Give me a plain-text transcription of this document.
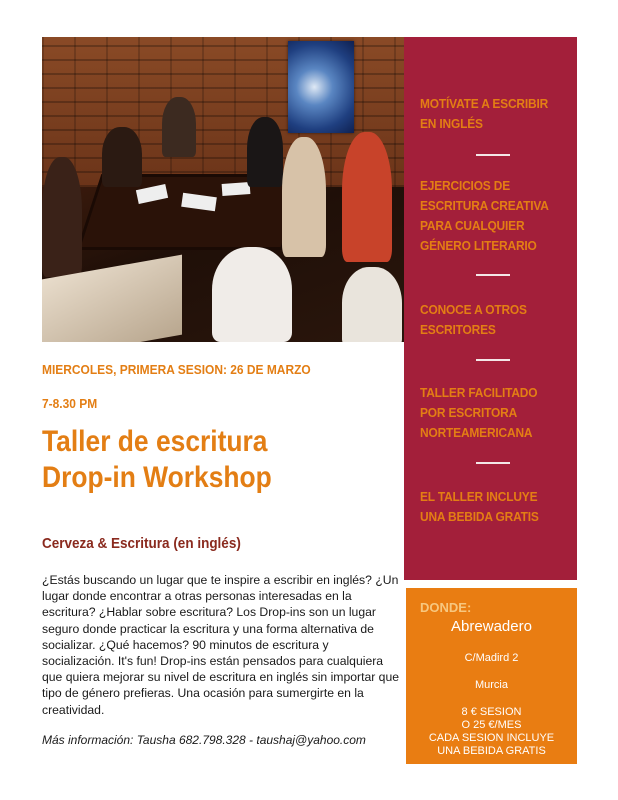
MOTÍVATE A ESCRIBIR EN INGLÉS
EJERCICIOS DE ESCRITURA CREATIVA PARA CUALQUIER GÉNERO LITERARIO
CONOCE A OTROS ESCRITORES
TALLER FACILITADO POR ESCRITORA NORTEAMERICANA
EL TALLER INCLUYE UNA BEBIDA GRATIS
DONDE:
Abrewadero
C/Madird 2
Murcia
8 € SESION
O 25 €/MES
CADA SESION INCLUYE
UNA BEBIDA GRATIS
MIERCOLES, PRIMERA SESION: 26 DE MARZO
7-8.30 PM
Taller de escritura
Drop-in Workshop
Cerveza & Escritura (en inglés)
¿Estás buscando un lugar que te inspire a escribir en inglés? ¿Un lugar donde encontrar a otras personas interesadas en la escritura? ¿Hablar sobre escritura? Los Drop-ins son un lugar seguro donde practicar la escritura y una forma alternativa de socializar. ¿Qué hacemos? 90 minutos de escritura y socialización. It's fun! Drop-ins están pensados para cualquiera que quiera mejorar su nivel de escritura en inglés sin importar que tipo de género prefieras. Una ocasión para sumergirte en la creatividad.
Más información: Tausha 682.798.328 - taushaj@yahoo.com
